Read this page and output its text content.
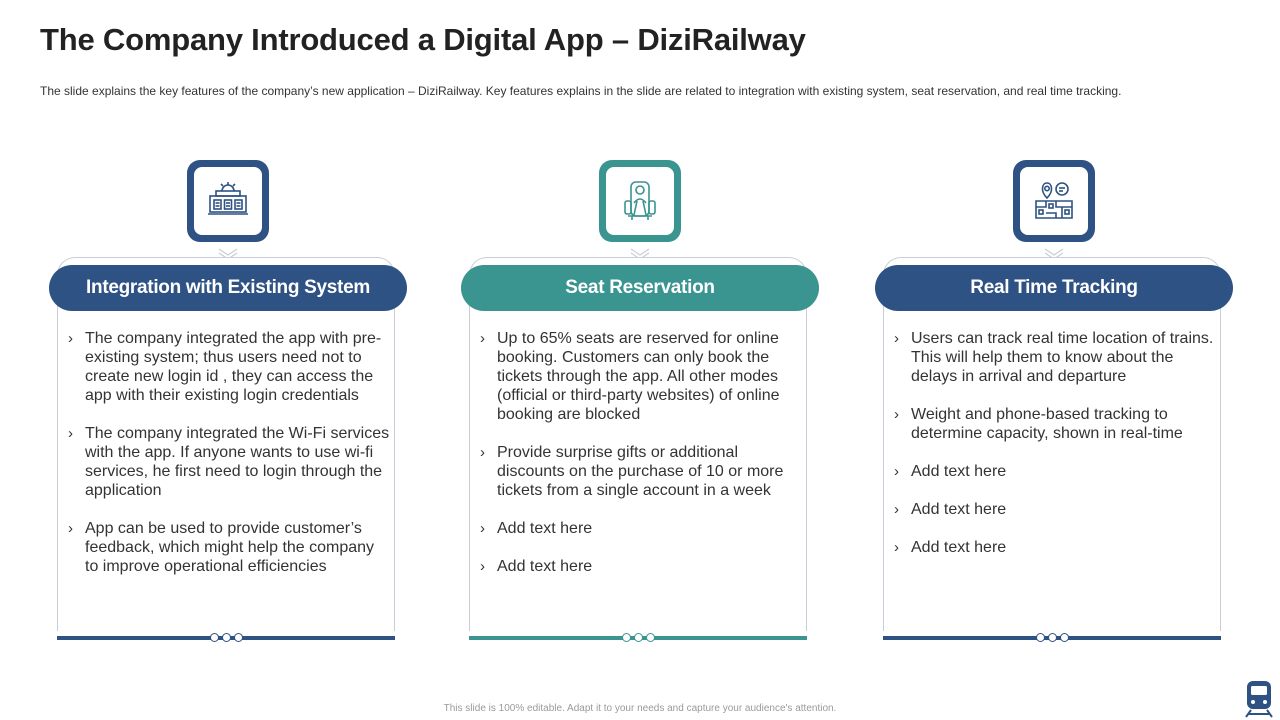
The Company Introduced a Digital App – DiziRailway
The slide explains the key features of the company’s new application – DiziRailway. Key features explains in the slide are related to integration with existing system, seat reservation, and real time tracking.
Integration with Existing System
› The company integrated the app with pre-existing system; thus users need not to create new login id , they can access the app with their existing login credentials
› The company integrated the Wi-Fi services with the app. If anyone wants to use wi-fi services, he first need to login through the application
› App can be used to provide customer’s feedback, which might help the company to improve operational efficiencies
Seat Reservation
› Up to 65% seats are reserved for online booking. Customers can only book the tickets through the app. All other modes (official or third-party websites) of online booking are blocked
› Provide surprise gifts or additional discounts on the purchase of 10 or more tickets from a single account in a week
› Add text here
› Add text here
Real Time Tracking
› Users can track real time location of trains. This will help them to know about the delays in arrival and departure
› Weight and phone-based tracking to determine capacity, shown in real-time
› Add text here
› Add text here
› Add text here
This slide is 100% editable. Adapt it to your needs and capture your audience's attention.
